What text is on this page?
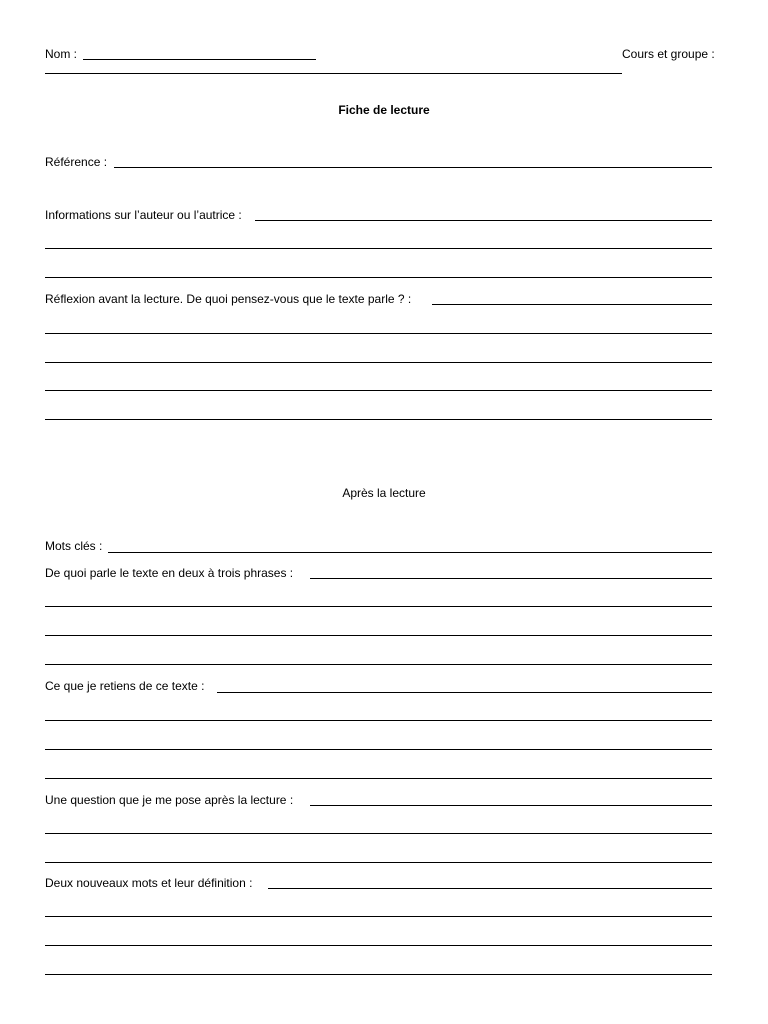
Nom :	Cours et groupe :
Fiche de lecture
Référence :
Informations sur l’auteur ou l’autrice :
Réflexion avant la lecture. De quoi pensez-vous que le texte parle ? :
Après la lecture
Mots clés :
De quoi parle le texte en deux à trois phrases :
Ce que je retiens de ce texte :
Une question que je me pose après la lecture :
Deux nouveaux mots et leur définition :
